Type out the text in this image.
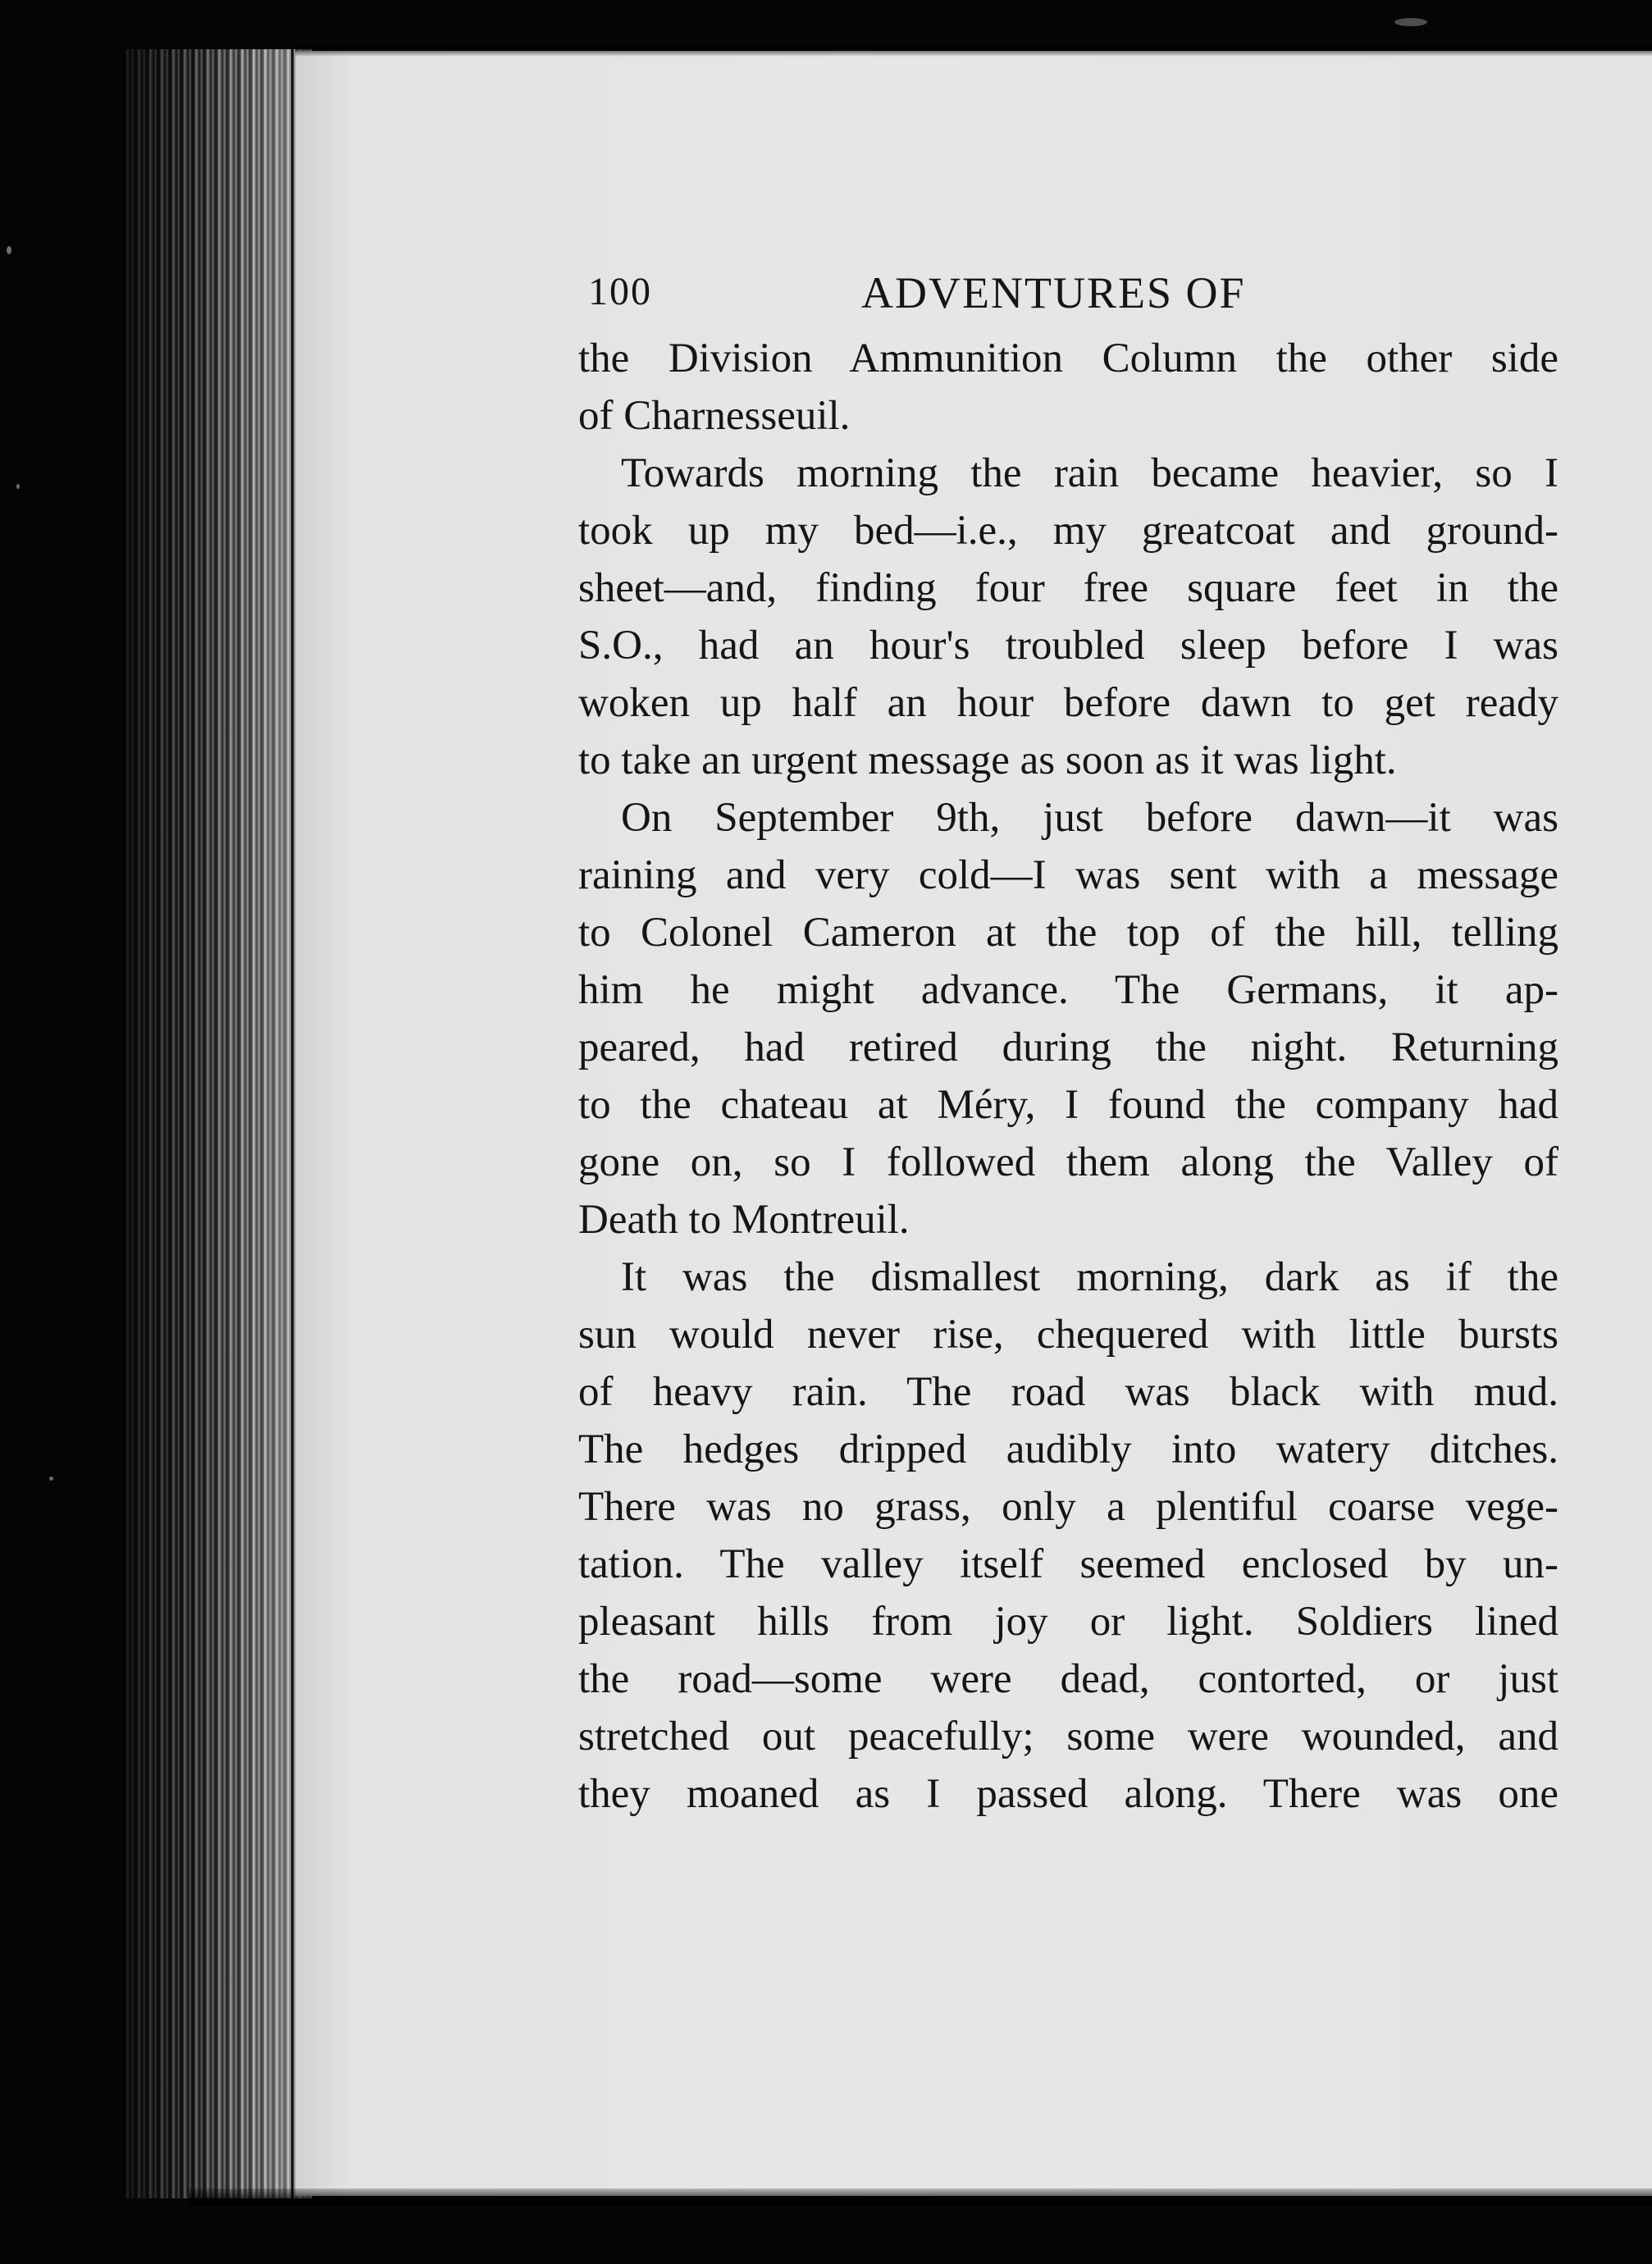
100	ADVENTURES OF
the Division Ammunition Column the other side
of Charnesseuil.
Towards morning the rain became heavier, so I
took up my bed—i.e., my greatcoat and ground-
sheet—and, finding four free square feet in the
S.O., had an hour's troubled sleep before I was
woken up half an hour before dawn to get ready
to take an urgent message as soon as it was light.
On September 9th, just before dawn—it was
raining and very cold—I was sent with a message
to Colonel Cameron at the top of the hill, telling
him he might advance. The Germans, it ap-
peared, had retired during the night. Returning
to the chateau at Méry, I found the company had
gone on, so I followed them along the Valley of
Death to Montreuil.
It was the dismallest morning, dark as if the
sun would never rise, chequered with little bursts
of heavy rain. The road was black with mud.
The hedges dripped audibly into watery ditches.
There was no grass, only a plentiful coarse vege-
tation. The valley itself seemed enclosed by un-
pleasant hills from joy or light. Soldiers lined
the road—some were dead, contorted, or just
stretched out peacefully; some were wounded, and
they moaned as I passed along. There was one
